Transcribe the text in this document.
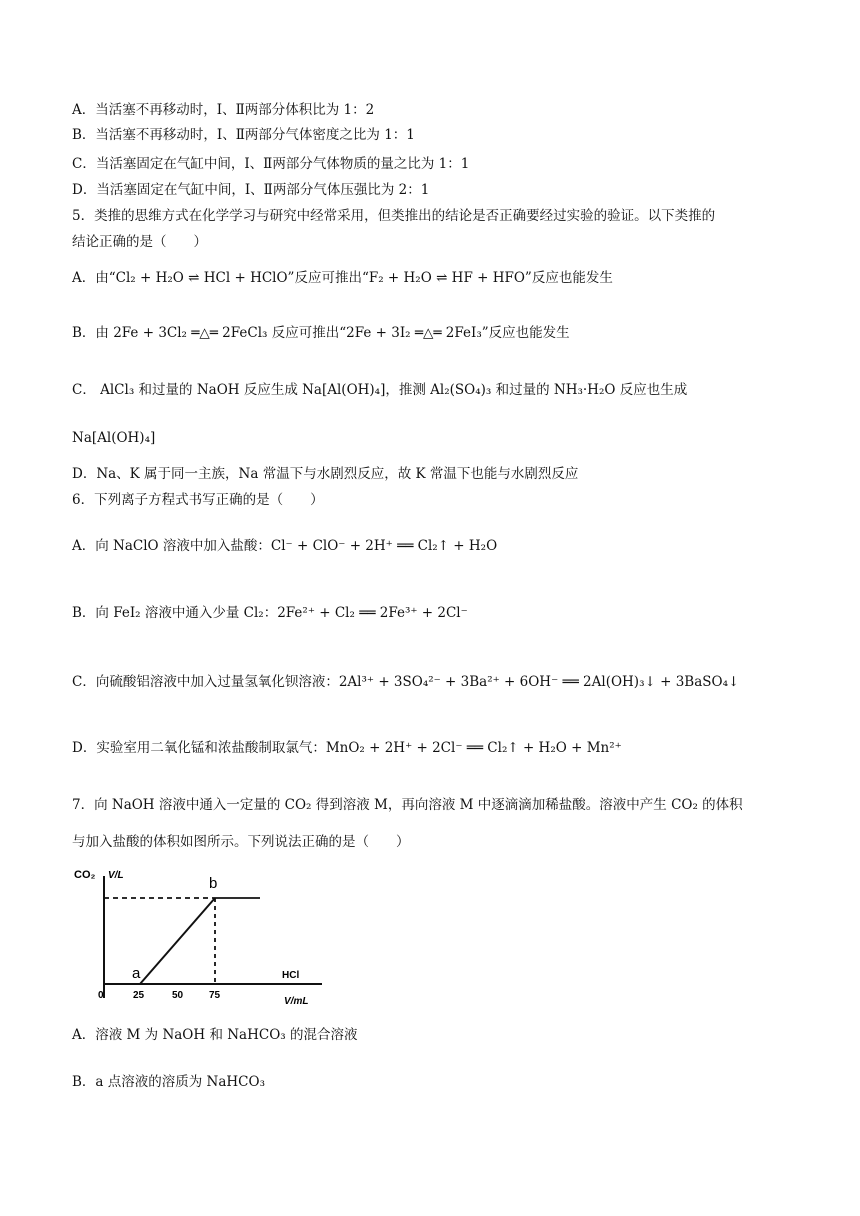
A．当活塞不再移动时，Ⅰ、Ⅱ两部分体积比为 1：2
B．当活塞不再移动时，Ⅰ、Ⅱ两部分气体密度之比为 1：1
C．当活塞固定在气缸中间，Ⅰ、Ⅱ两部分气体物质的量之比为 1：1
D．当活塞固定在气缸中间，Ⅰ、Ⅱ两部分气体压强比为 2：1
5．类推的思维方式在化学学习与研究中经常采用，但类推出的结论是否正确要经过实验的验证。以下类推的
结论正确的是（　　）
A．由“Cl₂ + H₂O ⇌ HCl + HClO”反应可推出“F₂ + H₂O ⇌ HF + HFO”反应也能发生
B．由 2Fe + 3Cl₂ ═△═ 2FeCl₃ 反应可推出“2Fe + 3I₂ ═△═ 2FeI₃”反应也能发生
C． AlCl₃ 和过量的 NaOH 反应生成 Na[Al(OH)₄]，推测 Al₂(SO₄)₃ 和过量的 NH₃·H₂O 反应也生成
Na[Al(OH)₄]
D．Na、K 属于同一主族，Na 常温下与水剧烈反应，故 K 常温下也能与水剧烈反应
6．下列离子方程式书写正确的是（　　）
A．向 NaClO 溶液中加入盐酸：Cl⁻ + ClO⁻ + 2H⁺ ══ Cl₂↑ + H₂O
B．向 FeI₂ 溶液中通入少量 Cl₂：2Fe²⁺ + Cl₂ ══ 2Fe³⁺ + 2Cl⁻
C．向硫酸铝溶液中加入过量氢氧化钡溶液：2Al³⁺ + 3SO₄²⁻ + 3Ba²⁺ + 6OH⁻ ══ 2Al(OH)₃↓ + 3BaSO₄↓
D．实验室用二氧化锰和浓盐酸制取氯气：MnO₂ + 2H⁺ + 2Cl⁻ ══ Cl₂↑ + H₂O + Mn²⁺
7．向 NaOH 溶液中通入一定量的 CO₂ 得到溶液 M，再向溶液 M 中逐滴滴加稀盐酸。溶液中产生 CO₂ 的体积
与加入盐酸的体积如图所示。下列说法正确的是（　　）
A．溶液 M 为 NaOH 和 NaHCO₃ 的混合溶液
B．a 点溶液的溶质为 NaHCO₃
CO₂ V/L	b
a	HCl
V/mL
0	25	50	75
